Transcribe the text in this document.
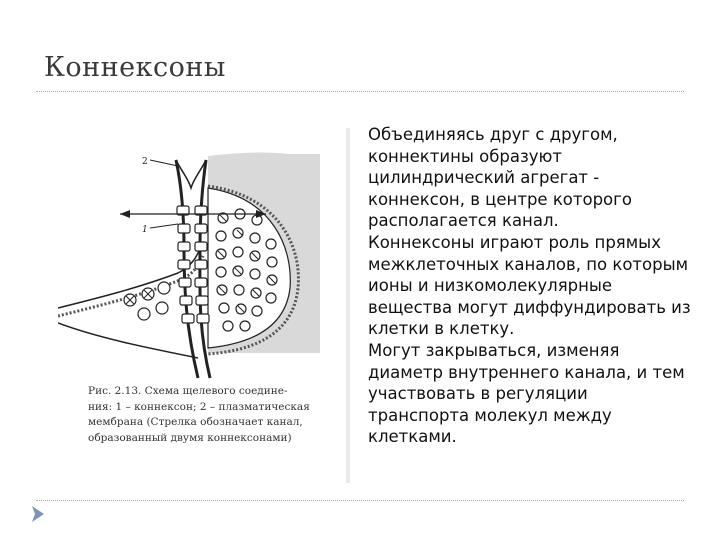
Коннексоны
2
1
Рис. 2.13. Схема щелевого соедине-
ния: 1 – коннексон; 2 – плазматическая
мембрана (Стрелка обозначает канал,
образованный двумя коннексонами)

Объединяясь друг с другом, коннектины образуют цилиндрический агрегат - коннексон, в центре которого располагается канал.

Коннексоны играют роль прямых межклеточных каналов, по которым ионы и низкомолекулярные вещества могут диффундировать из клетки в клетку.

Могут закрываться, изменяя диаметр внутреннего канала, и тем участвовать в регуляции транспорта молекул между клетками.
